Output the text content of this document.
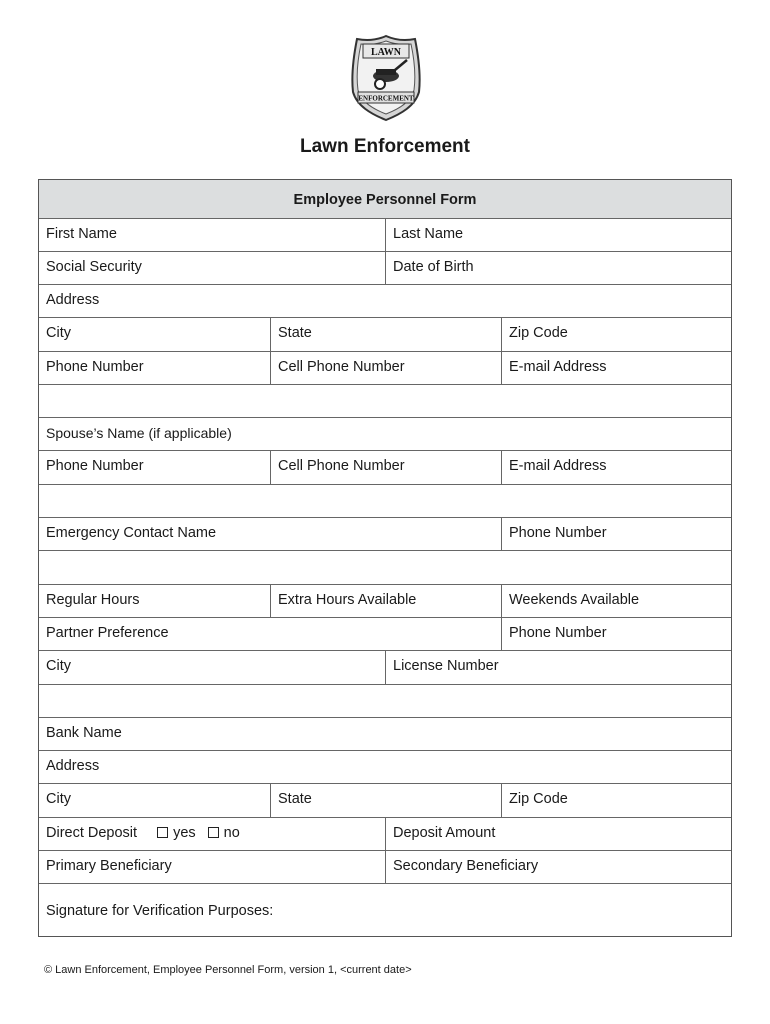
LAWN
ENFORCEMENT
Lawn Enforcement
Employee Personnel Form
First Name	Last Name
Social Security	Date of Birth
Address
City	State	Zip Code
Phone Number	Cell Phone Number	E-mail Address
Spouse’s Name (if applicable)
Phone Number	Cell Phone Number	E-mail Address
Emergency Contact Name	Phone Number
Regular Hours	Extra Hours Available	Weekends Available
Partner Preference	Phone Number
City	License Number
Bank Name
Address
City	State	Zip Code
Direct Deposit yes no	Deposit Amount
Primary Beneficiary	Secondary Beneficiary
Signature for Verification Purposes:
© Lawn Enforcement, Employee Personnel Form, version 1, <current date>
